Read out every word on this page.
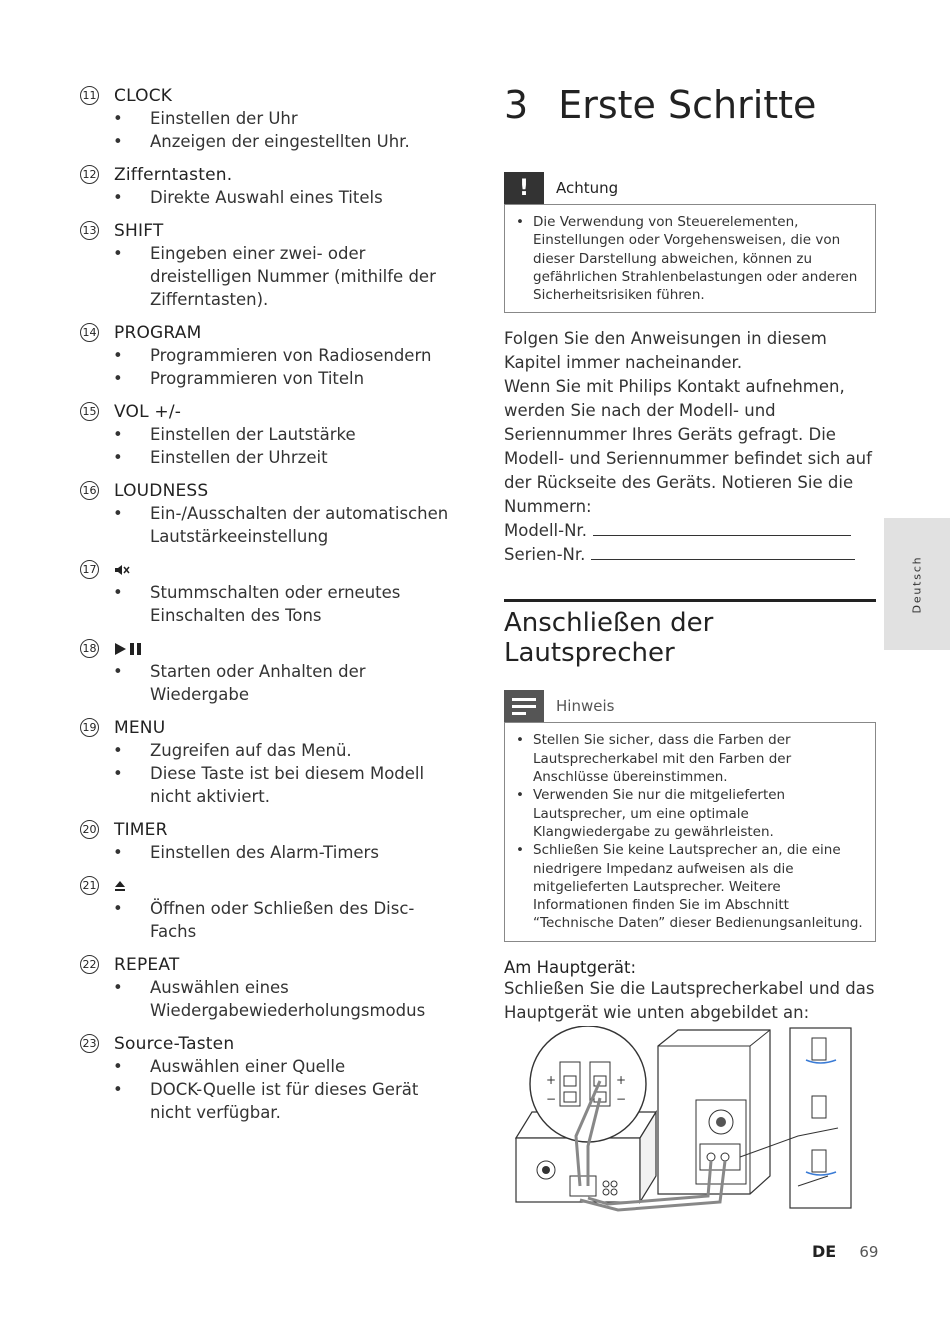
11 CLOCK
• Einstellen der Uhr
• Anzeigen der eingestellten Uhr.
12 Zifferntasten.
• Direkte Auswahl eines Titels
13 SHIFT
• Eingeben einer zwei- oder dreistelligen Nummer (mithilfe der Zifferntasten).
14 PROGRAM
• Programmieren von Radiosendern
• Programmieren von Titeln
15 VOL +/-
• Einstellen der Lautstärke
• Einstellen der Uhrzeit
16 LOUDNESS
• Ein-/Ausschalten der automatischen Lautstärkeeinstellung
17
• Stummschalten oder erneutes Einschalten des Tons
18
• Starten oder Anhalten der Wiedergabe
19 MENU
• Zugreifen auf das Menü.
• Diese Taste ist bei diesem Modell nicht aktiviert.
20 TIMER
• Einstellen des Alarm-Timers
21
• Öffnen oder Schließen des Disc-Fachs
22 REPEAT
• Auswählen eines Wiedergabewiederholungsmodus
23 Source-Tasten
• Auswählen einer Quelle
• DOCK-Quelle ist für dieses Gerät nicht verfügbar.
3 Erste Schritte
!	Achtung
• Die Verwendung von Steuerelementen, Einstellungen oder Vorgehensweisen, die von dieser Darstellung abweichen, können zu gefährlichen Strahlenbelastungen oder anderen Sicherheitsrisiken führen.

Folgen Sie den Anweisungen in diesem Kapitel immer nacheinander.

Wenn Sie mit Philips Kontakt aufnehmen, werden Sie nach der Modell- und Seriennummer Ihres Geräts gefragt. Die Modell- und Seriennummer befindet sich auf der Rückseite des Geräts. Notieren Sie die Nummern:

Modell-Nr.

Serien-Nr.

Anschließen der Lautsprecher
Hinweis
• Stellen Sie sicher, dass die Farben der Lautsprecherkabel mit den Farben der Anschlüsse übereinstimmen.
• Verwenden Sie nur die mitgelieferten Lautsprecher, um eine optimale Klangwiedergabe zu gewährleisten.
• Schließen Sie keine Lautsprecher an, die eine niedrigere Impedanz aufweisen als die mitgelieferten Lautsprecher. Weitere Informationen finden Sie im Abschnitt “Technische Daten” dieser Bedienungsanleitung.
Am Hauptgerät:
Schließen Sie die Lautsprecherkabel und das Hauptgerät wie unten abgebildet an:
+
−
+
−
Deutsch
DE 69
